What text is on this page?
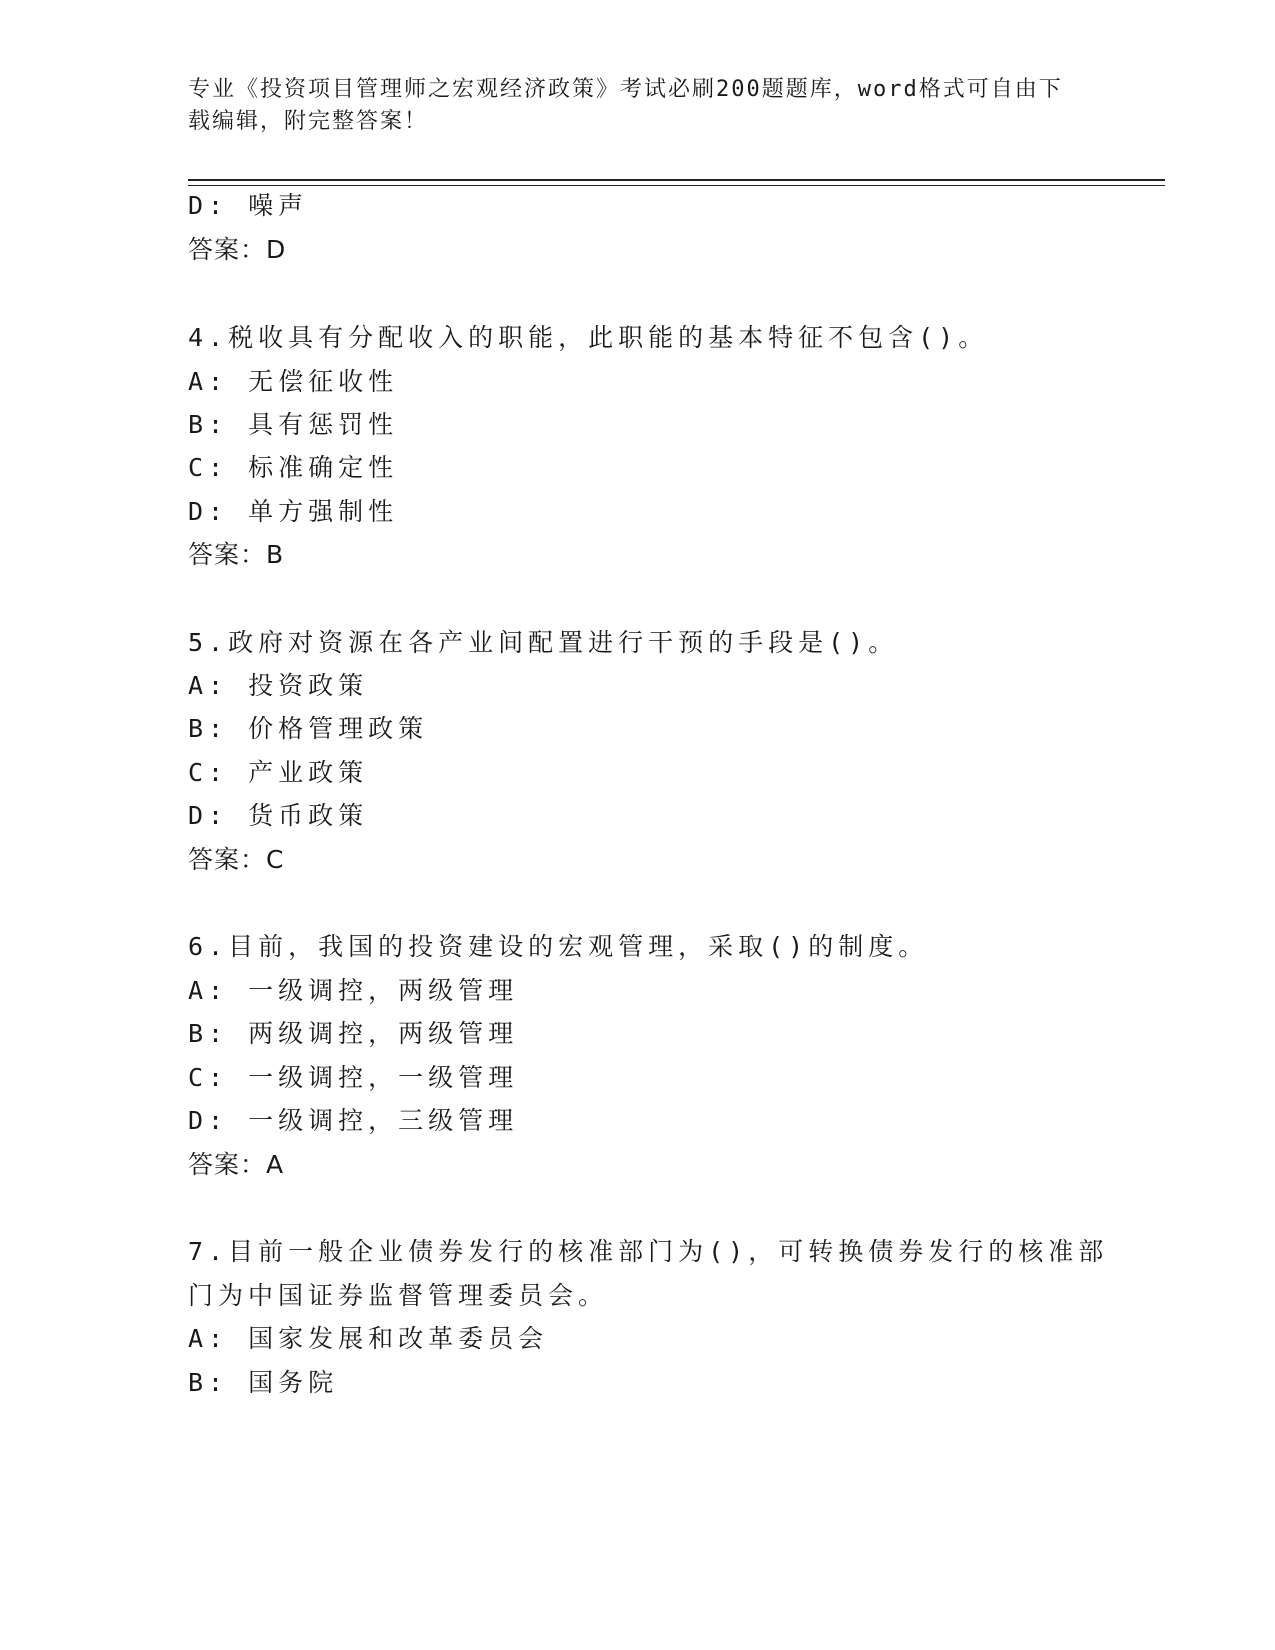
专业《投资项目管理师之宏观经济政策》考试必刷200题题库，word格式可自由下载编辑，附完整答案！
D: 噪声
答案：D
4.税收具有分配收入的职能，此职能的基本特征不包含()。
A: 无偿征收性
B: 具有惩罚性
C: 标准确定性
D: 单方强制性
答案：B
5.政府对资源在各产业间配置进行干预的手段是()。
A: 投资政策
B: 价格管理政策
C: 产业政策
D: 货币政策
答案：C
6.目前，我国的投资建设的宏观管理，采取()的制度。
A: 一级调控，两级管理
B: 两级调控，两级管理
C: 一级调控，一级管理
D: 一级调控，三级管理
答案：A
7.目前一般企业债券发行的核准部门为()，可转换债券发行的核准部
门为中国证券监督管理委员会。
A: 国家发展和改革委员会
B: 国务院
